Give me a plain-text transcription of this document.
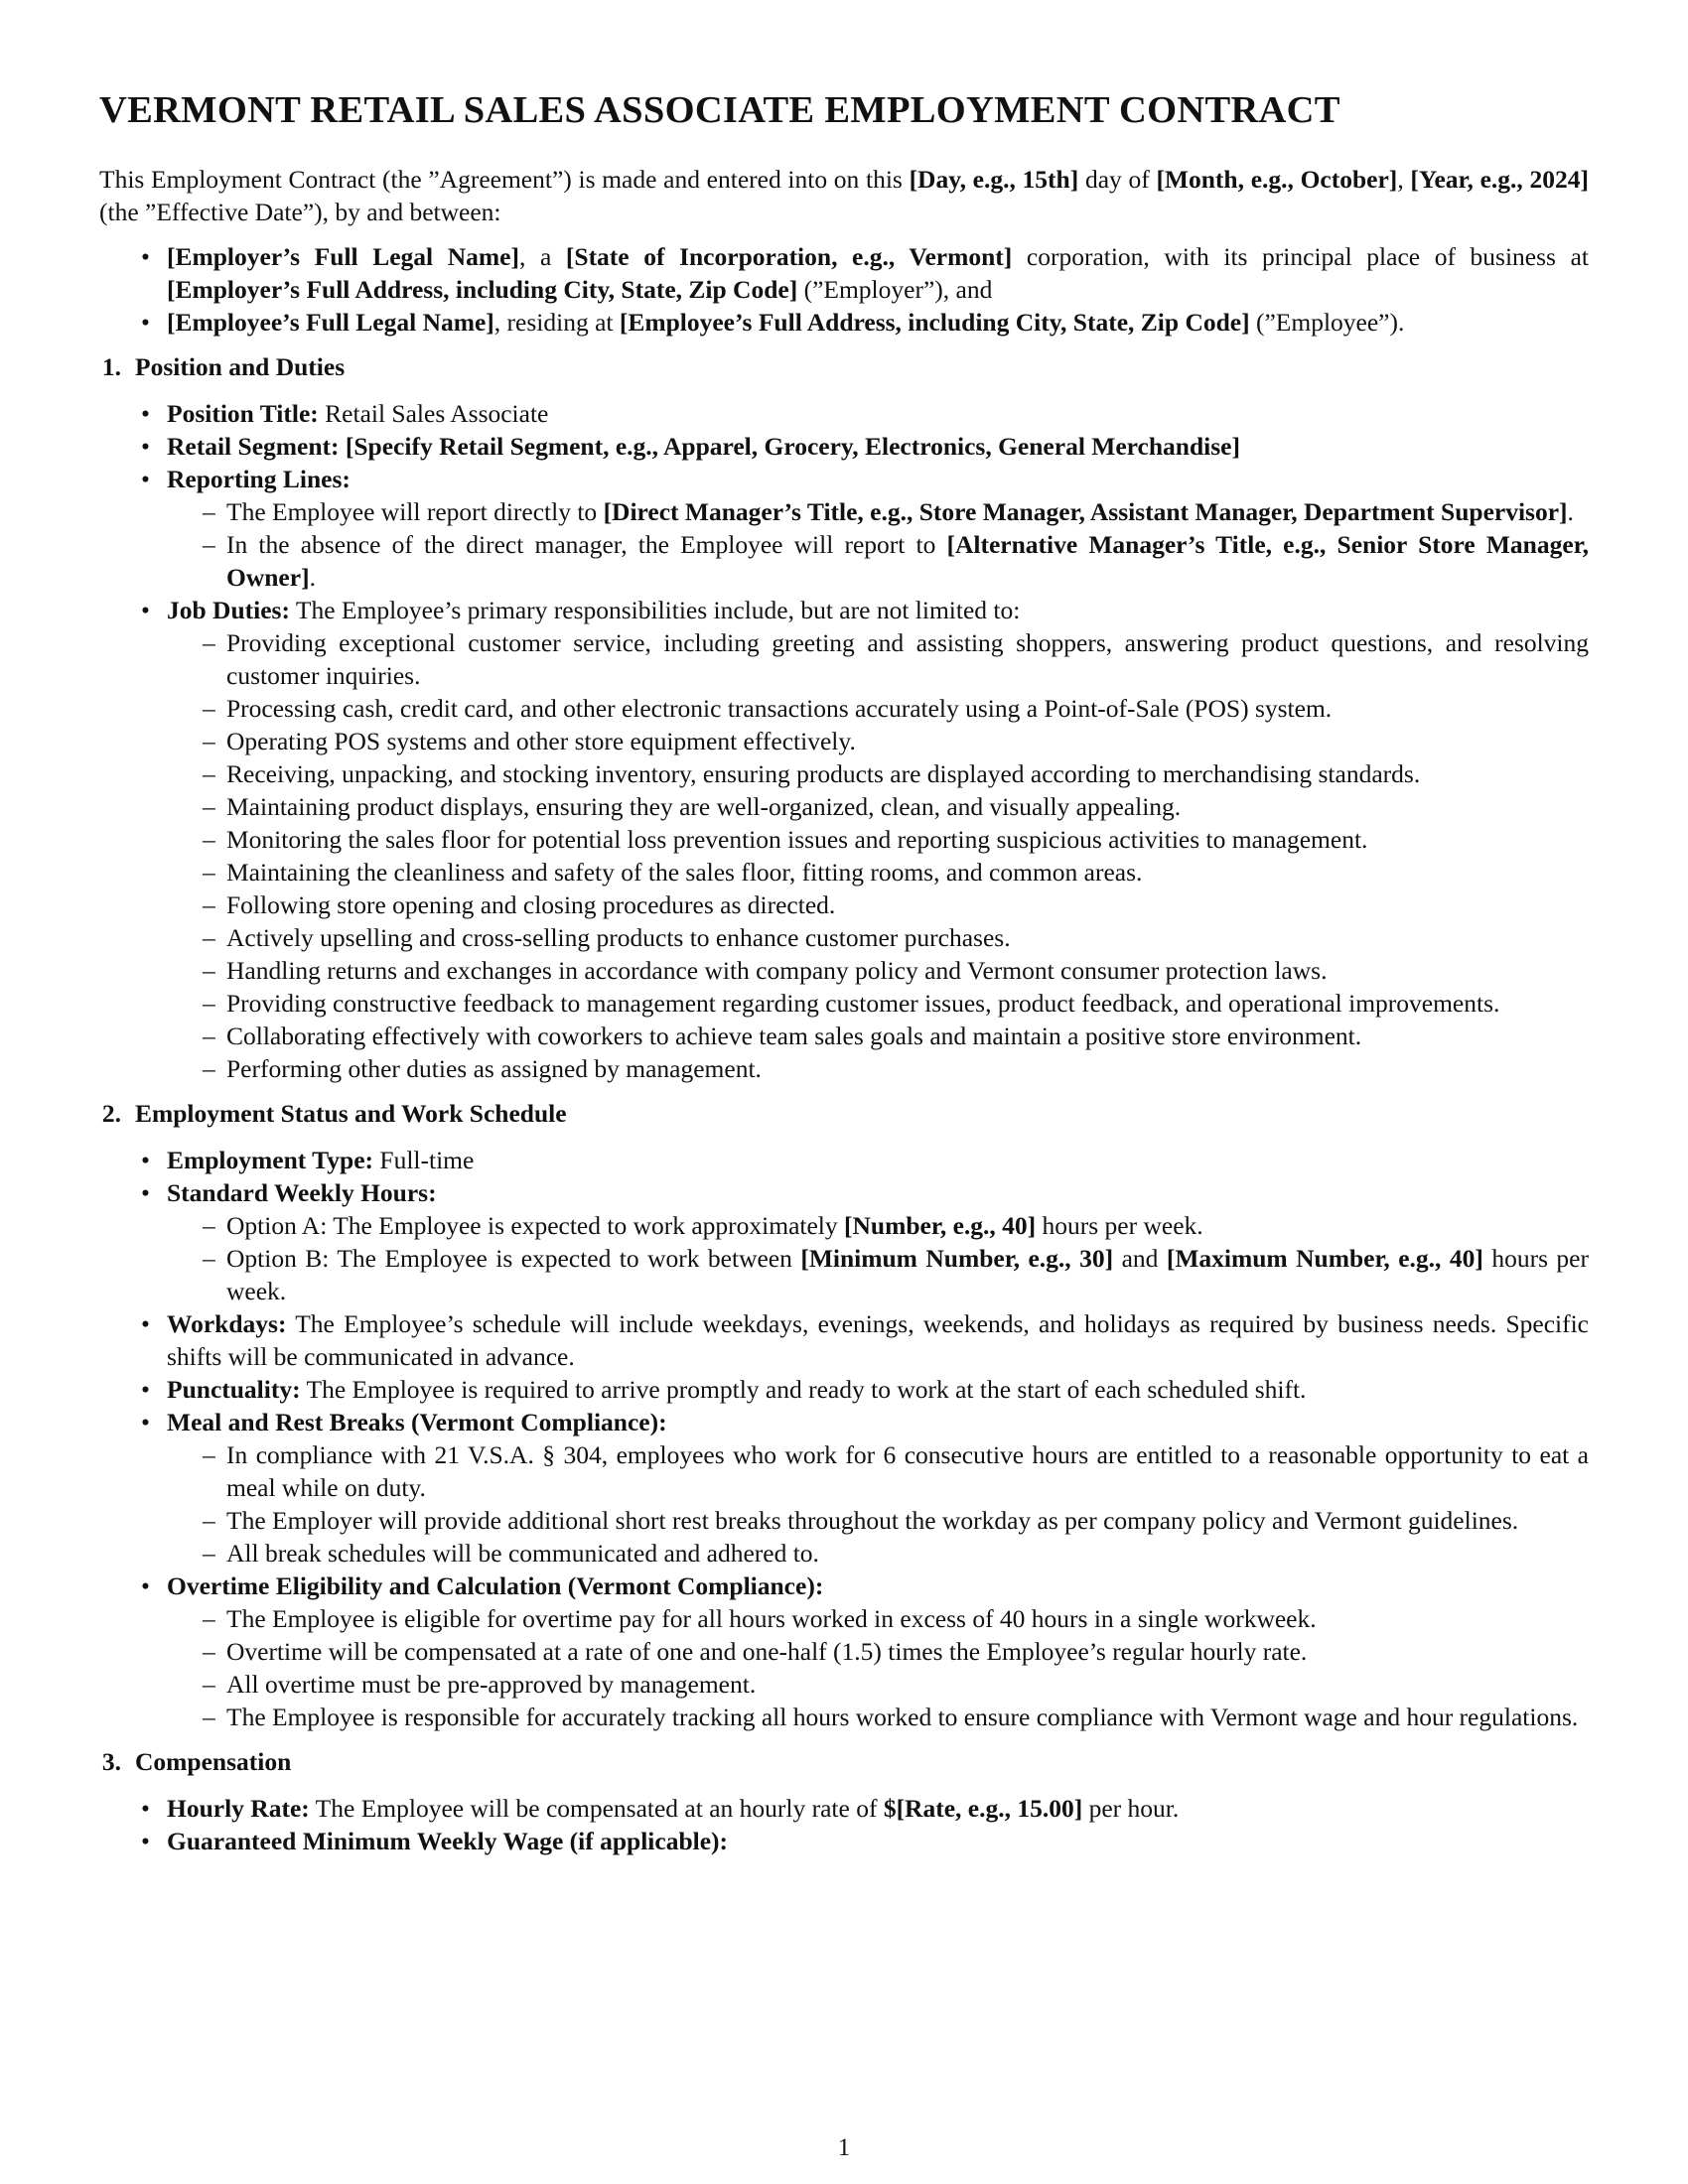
VERMONT RETAIL SALES ASSOCIATE EMPLOYMENT CONTRACT

This Employment Contract (the ”Agreement”) is made and entered into on this [Day, e.g., 15th] day of [Month, e.g., October], [Year, e.g., 2024] (the ”Effective Date”), by and between:

• [Employer’s Full Legal Name], a [State of Incorporation, e.g., Vermont] corporation, with its principal place of business at [Employer’s Full Address, including City, State, Zip Code] (”Employer”), and
• [Employee’s Full Legal Name], residing at [Employee’s Full Address, including City, State, Zip Code] (”Employee”).
1. Position and Duties
• Position Title: Retail Sales Associate
• Retail Segment: [Specify Retail Segment, e.g., Apparel, Grocery, Electronics, General Merchandise]
• Reporting Lines:
– The Employee will report directly to [Direct Manager’s Title, e.g., Store Manager, Assistant Manager, Department Supervisor].
– In the absence of the direct manager, the Employee will report to [Alternative Manager’s Title, e.g., Senior Store Manager, Owner].
• Job Duties: The Employee’s primary responsibilities include, but are not limited to:
– Providing exceptional customer service, including greeting and assisting shoppers, answering product questions, and resolving customer inquiries.
– Processing cash, credit card, and other electronic transactions accurately using a Point-of-Sale (POS) system.
– Operating POS systems and other store equipment effectively.
– Receiving, unpacking, and stocking inventory, ensuring products are displayed according to merchandising standards.
– Maintaining product displays, ensuring they are well-organized, clean, and visually appealing.
– Monitoring the sales floor for potential loss prevention issues and reporting suspicious activities to management.
– Maintaining the cleanliness and safety of the sales floor, fitting rooms, and common areas.
– Following store opening and closing procedures as directed.
– Actively upselling and cross-selling products to enhance customer purchases.
– Handling returns and exchanges in accordance with company policy and Vermont consumer protection laws.
– Providing constructive feedback to management regarding customer issues, product feedback, and operational improvements.
– Collaborating effectively with coworkers to achieve team sales goals and maintain a positive store environment.
– Performing other duties as assigned by management.
2. Employment Status and Work Schedule
• Employment Type: Full-time
• Standard Weekly Hours:
– Option A: The Employee is expected to work approximately [Number, e.g., 40] hours per week.
– Option B: The Employee is expected to work between [Minimum Number, e.g., 30] and [Maximum Number, e.g., 40] hours per week.
• Workdays: The Employee’s schedule will include weekdays, evenings, weekends, and holidays as required by business needs. Specific shifts will be communicated in advance.
• Punctuality: The Employee is required to arrive promptly and ready to work at the start of each scheduled shift.
• Meal and Rest Breaks (Vermont Compliance):
– In compliance with 21 V.S.A. § 304, employees who work for 6 consecutive hours are entitled to a reasonable opportunity to eat a meal while on duty.
– The Employer will provide additional short rest breaks throughout the workday as per company policy and Vermont guidelines.
– All break schedules will be communicated and adhered to.
• Overtime Eligibility and Calculation (Vermont Compliance):
– The Employee is eligible for overtime pay for all hours worked in excess of 40 hours in a single workweek.
– Overtime will be compensated at a rate of one and one-half (1.5) times the Employee’s regular hourly rate.
– All overtime must be pre-approved by management.
– The Employee is responsible for accurately tracking all hours worked to ensure compliance with Vermont wage and hour regulations.
3. Compensation
• Hourly Rate: The Employee will be compensated at an hourly rate of $[Rate, e.g., 15.00] per hour.
• Guaranteed Minimum Weekly Wage (if applicable):
1
